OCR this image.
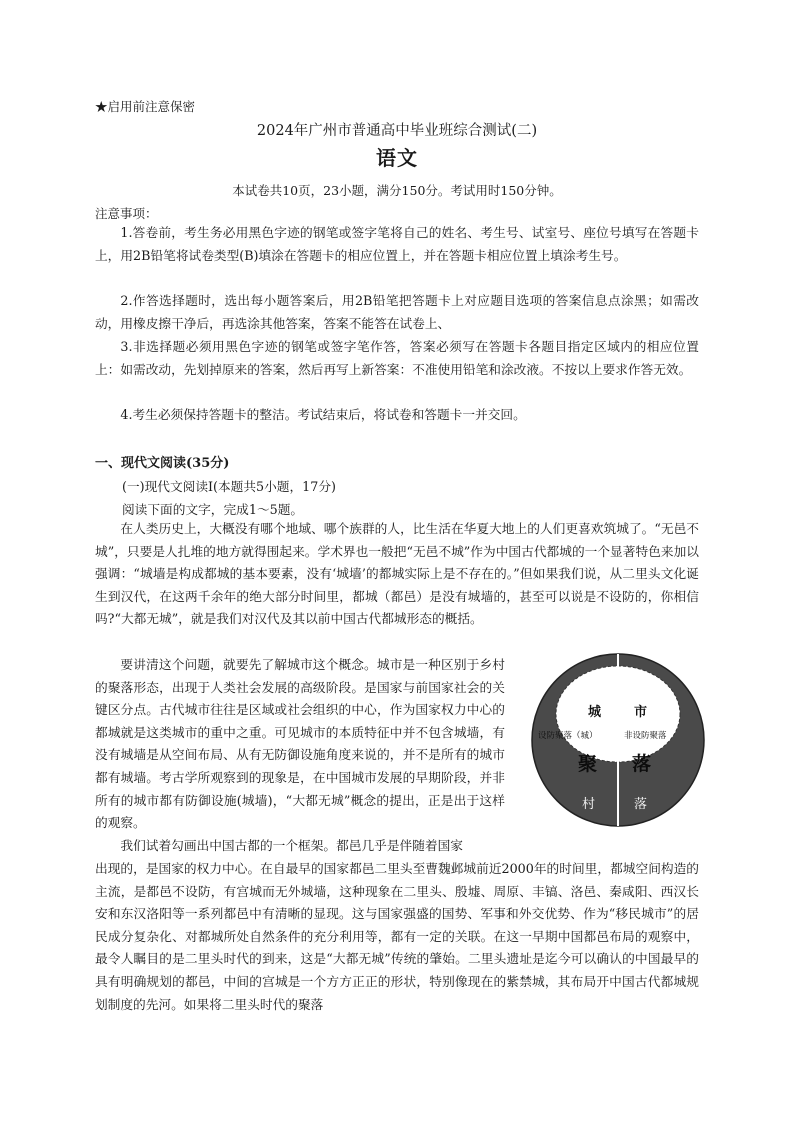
★启用前注意保密
2024年广州市普通高中毕业班综合测试(二)
语文
本试卷共10页，23小题，满分150分。考试用时150分钟。
注意事项：

1.答卷前，考生务必用黑色字迹的钢笔或签字笔将自己的姓名、考生号、试室号、座位号填写在答题卡上，用2B铅笔将试卷类型(B)填涂在答题卡的相应位置上，并在答题卡相应位置上填涂考生号。

2.作答选择题时，选出每小题答案后，用2B铅笔把答题卡上对应题目选项的答案信息点涂黑；如需改动，用橡皮擦干净后，再选涂其他答案，答案不能答在试卷上、

3.非选择题必须用黑色字迹的钢笔或签字笔作答，答案必须写在答题卡各题目指定区域内的相应位置上：如需改动，先划掉原来的答案，然后再写上新答案：不准使用铅笔和涂改液。不按以上要求作答无效。

4.考生必须保持答题卡的整洁。考试结束后，将试卷和答题卡一并交回。

一、现代文阅读(35分)
(一)现代文阅读Ⅰ(本题共5小题，17分)
阅读下面的文字，完成1～5题。

在人类历史上，大概没有哪个地域、哪个族群的人，比生活在华夏大地上的人们更喜欢筑城了。“无邑不城”，只要是人扎堆的地方就得围起来。学术界也一般把“无邑不城”作为中国古代都城的一个显著特色来加以强调：“城墙是构成都城的基本要素，没有‘城墙’的都城实际上是不存在的。”但如果我们说，从二里头文化诞生到汉代，在这两千余年的绝大部分时间里，都城（都邑）是没有城墙的，甚至可以说是不设防的，你相信吗?“大都无城”，就是我们对汉代及其以前中国古代都城形态的概括。

要讲清这个问题，就要先了解城市这个概念。城市是一种区别于乡村的聚落形态，出现于人类社会发展的高级阶段。是国家与前国家社会的关键区分点。古代城市往往是区域或社会组织的中心，作为国家权力中心的都城就是这类城市的重中之重。可见城市的本质特征中并不包含城墙，有没有城墙是从空间布局、从有无防御设施角度来说的，并不是所有的城市都有城墙。考古学所观察到的现象是，在中国城市发展的早期阶段，并非所有的城市都有防御设施(城墙)，“大都无城”概念的提出，正是出于这样的观察。

我们试着勾画出中国古都的一个框架。都邑几乎是伴随着国家

出现的，是国家的权力中心。在自最早的国家都邑二里头至曹魏邺城前近2000年的时间里，都城空间构造的主流，是都邑不设防，有宫城而无外城墙，这种现象在二里头、殷墟、周原、丰镐、洛邑、秦咸阳、西汉长安和东汉洛阳等一系列都邑中有清晰的显现。这与国家强盛的国势、军事和外交优势、作为“移民城市”的居民成分复杂化、对都城所处自然条件的充分利用等，都有一定的关联。在这一早期中国都邑布局的观察中，最令人瞩目的是二里头时代的到来，这是“大都无城”传统的肇始。二里头遗址是迄今可以确认的中国最早的具有明确规划的都邑，中间的宫城是一个方方正正的形状，特别像现在的紫禁城，其布局开中国古代都城规划制度的先河。如果将二里头时代的聚落

城	市
设防聚落（城）	非设防聚落
聚 落
村	落
